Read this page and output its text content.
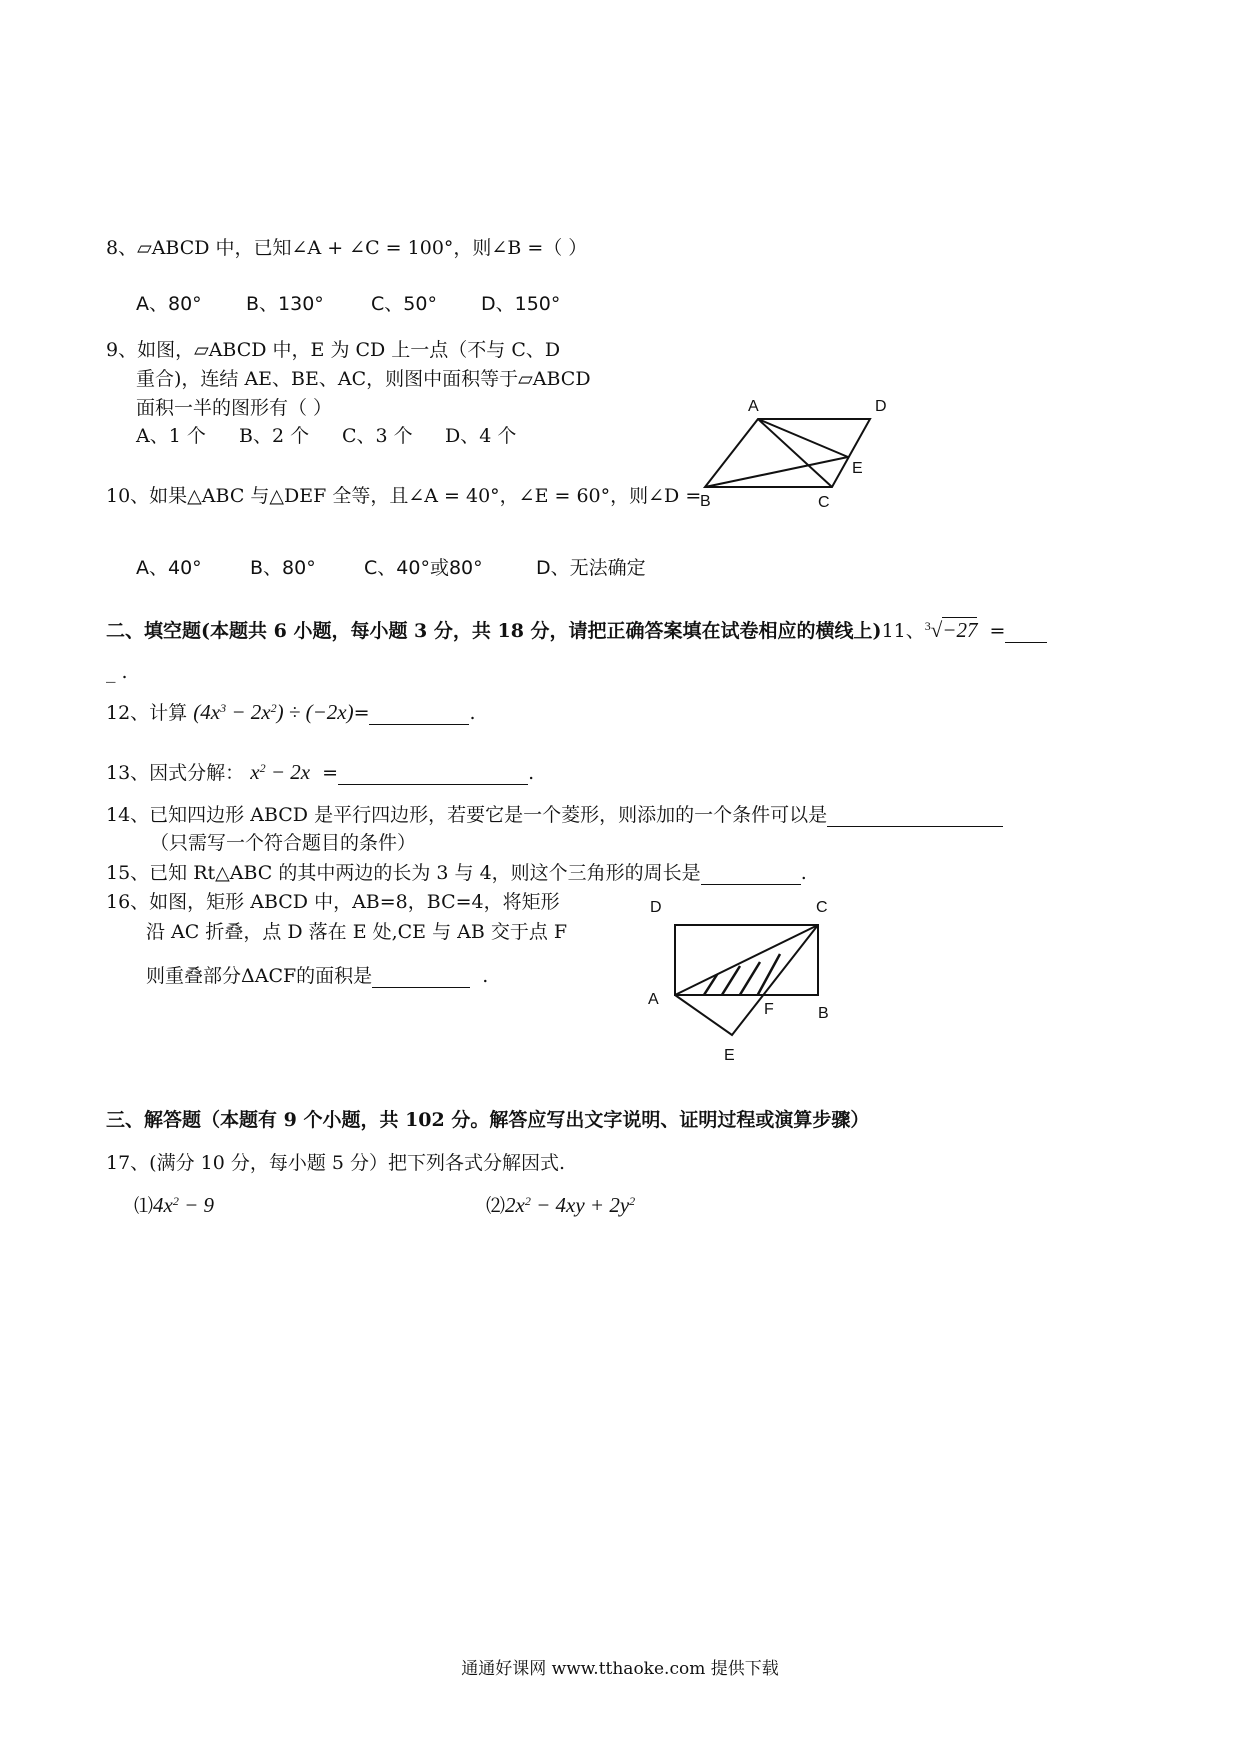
8、▱ABCD 中，已知∠A + ∠C = 100°，则∠B =（ ）
A、80° B、130° C、50° D、150°
9、如图，▱ABCD 中，E 为 CD 上一点（不与 C、D
重合)，连结 AE、BE、AC，则图中面积等于▱ABCD
面积一半的图形有（ ）
A、1 个 B、2 个 C、3 个 D、4 个
A	D
E
B	C
10、如果△ABC 与△DEF 全等，且∠A = 40°，∠E = 60°，则∠D =
A、40°	B、80°	C、40°或80°	D、无法确定
二、填空题(本题共 6 小题，每小题 3 分，共 18 分，请把正确答案填在试卷相应的横线上)11、$^3$√−27 =
_ .
12、计算 $(4x^3 - 2x^2) \div (-2x)=$	.
13、因式分解： $x^2 - 2x$  =	.
14、已知四边形 ABCD 是平行四边形，若要它是一个菱形，则添加的一个条件可以是
（只需写一个符合题目的条件）
15、已知 Rt△ABC 的其中两边的长为 3 与 4，则这个三角形的周长是	.
16、如图，矩形 ABCD 中，AB=8，BC=4，将矩形
沿 AC 折叠，点 D 落在 E 处,CE 与 AB 交于点 F
则重叠部分ΔACF的面积是	.
D	C
A
F	B
E
三、解答题（本题有 9 个小题，共 102 分。解答应写出文字说明、证明过程或演算步骤）
17、(满分 10 分，每小题 5 分）把下列各式分解因式.
$⑴4x^2 - 9$	$⑵2x^2 - 4xy + 2y^2$
通通好课网 www.tthaoke.com 提供下载
